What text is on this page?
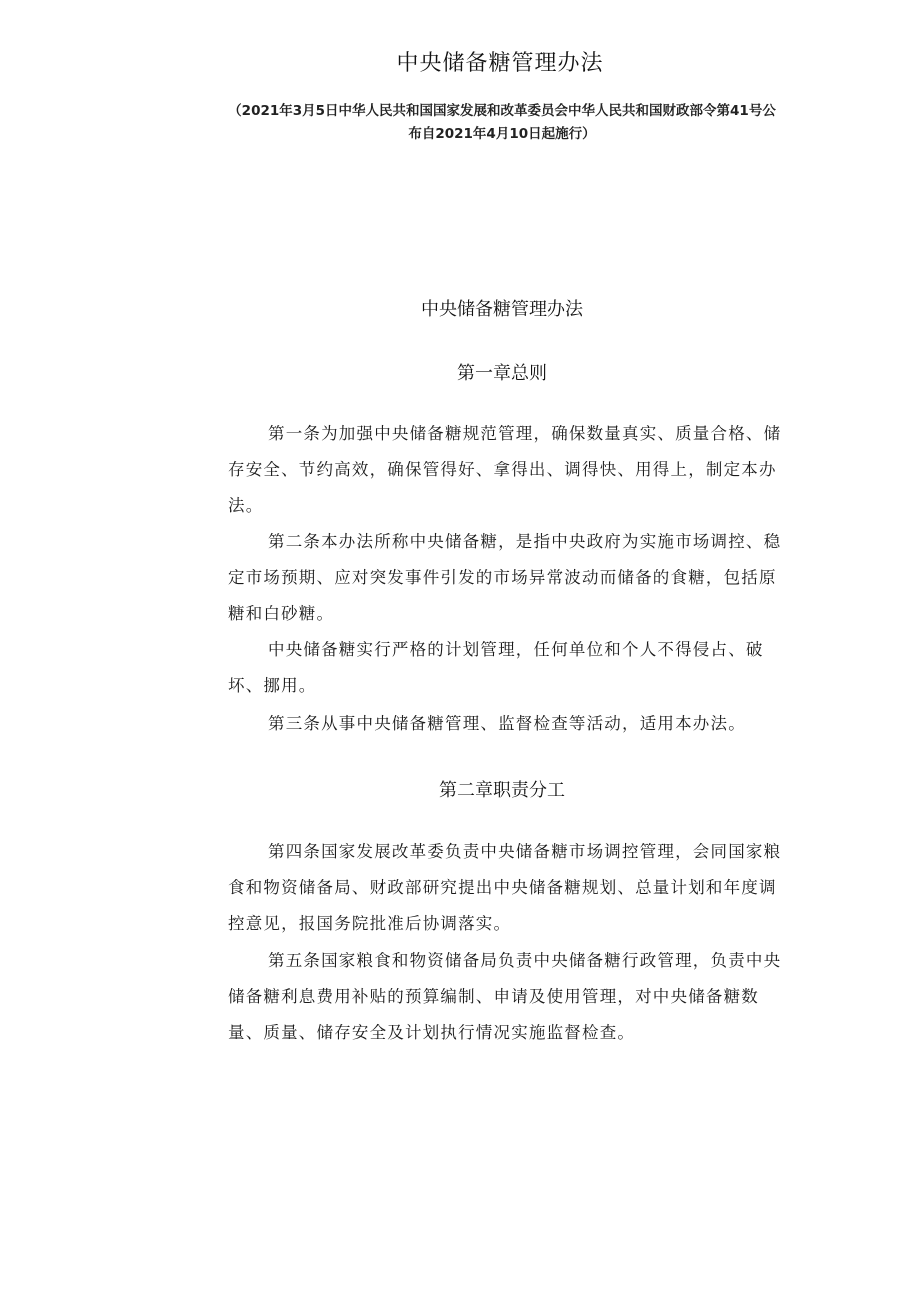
中央储备糖管理办法
（2021年3月5日中华人民共和国国家发展和改革委员会中华人民共和国财政部令第41号公布自2021年4月10日起施行）
中央储备糖管理办法
第一章总则

第一条为加强中央储备糖规范管理，确保数量真实、质量合格、储存安全、节约高效，确保管得好、拿得出、调得快、用得上，制定本办法。

第二条本办法所称中央储备糖，是指中央政府为实施市场调控、稳定市场预期、应对突发事件引发的市场异常波动而储备的食糖，包括原糖和白砂糖。

中央储备糖实行严格的计划管理，任何单位和个人不得侵占、破坏、挪用。

第三条从事中央储备糖管理、监督检查等活动，适用本办法。

第二章职责分工

第四条国家发展改革委负责中央储备糖市场调控管理，会同国家粮食和物资储备局、财政部研究提出中央储备糖规划、总量计划和年度调控意见，报国务院批准后协调落实。

第五条国家粮食和物资储备局负责中央储备糖行政管理，负责中央储备糖利息费用补贴的预算编制、申请及使用管理，对中央储备糖数量、质量、储存安全及计划执行情况实施监督检查。
